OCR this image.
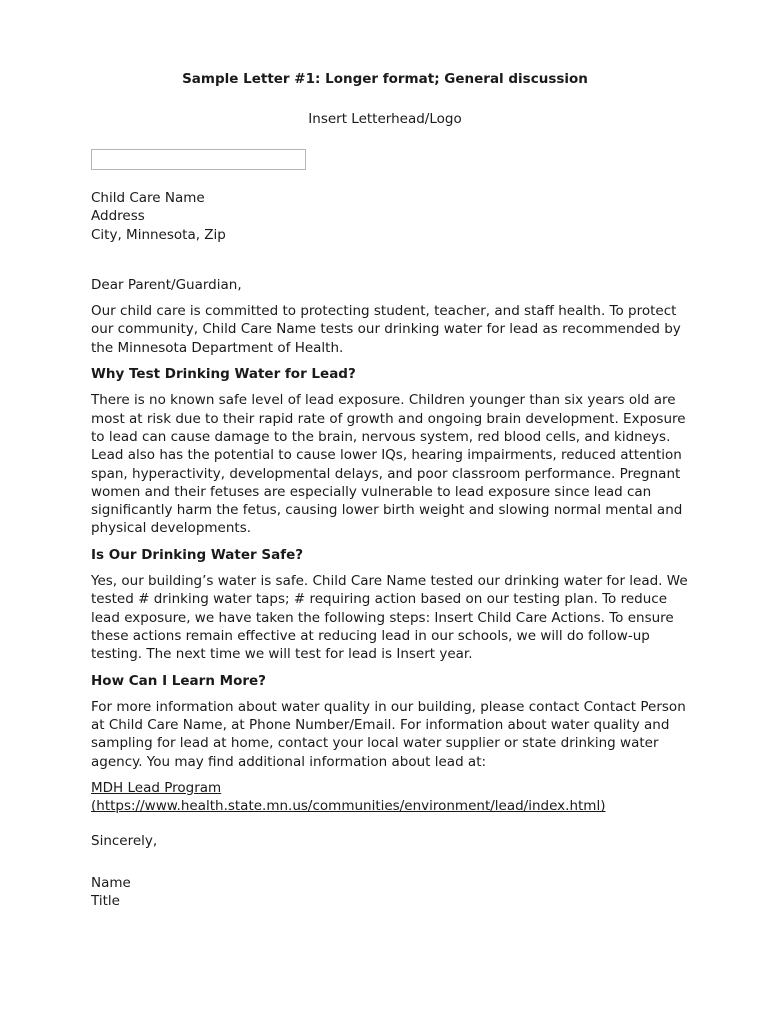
Sample Letter #1: Longer format; General discussion
Insert Letterhead/Logo
Child Care Name
Address
City, Minnesota, Zip

Dear Parent/Guardian,

Our child care is committed to protecting student, teacher, and staff health. To protect our community, Child Care Name tests our drinking water for lead as recommended by the Minnesota Department of Health.

Why Test Drinking Water for Lead?

There is no known safe level of lead exposure. Children younger than six years old are most at risk due to their rapid rate of growth and ongoing brain development. Exposure to lead can cause damage to the brain, nervous system, red blood cells, and kidneys. Lead also has the potential to cause lower IQs, hearing impairments, reduced attention span, hyperactivity, developmental delays, and poor classroom performance. Pregnant women and their fetuses are especially vulnerable to lead exposure since lead can significantly harm the fetus, causing lower birth weight and slowing normal mental and physical developments.

Is Our Drinking Water Safe?

Yes, our building’s water is safe. Child Care Name tested our drinking water for lead. We tested # drinking water taps; # requiring action based on our testing plan. To reduce lead exposure, we have taken the following steps: Insert Child Care Actions. To ensure these actions remain effective at reducing lead in our schools, we will do follow-up testing. The next time we will test for lead is Insert year.

How Can I Learn More?

For more information about water quality in our building, please contact Contact Person at Child Care Name, at Phone Number/Email. For information about water quality and sampling for lead at home, contact your local water supplier or state drinking water agency. You may find additional information about lead at:

MDH Lead Program
(https://www.health.state.mn.us/communities/environment/lead/index.html)

Sincerely,

Name
Title
